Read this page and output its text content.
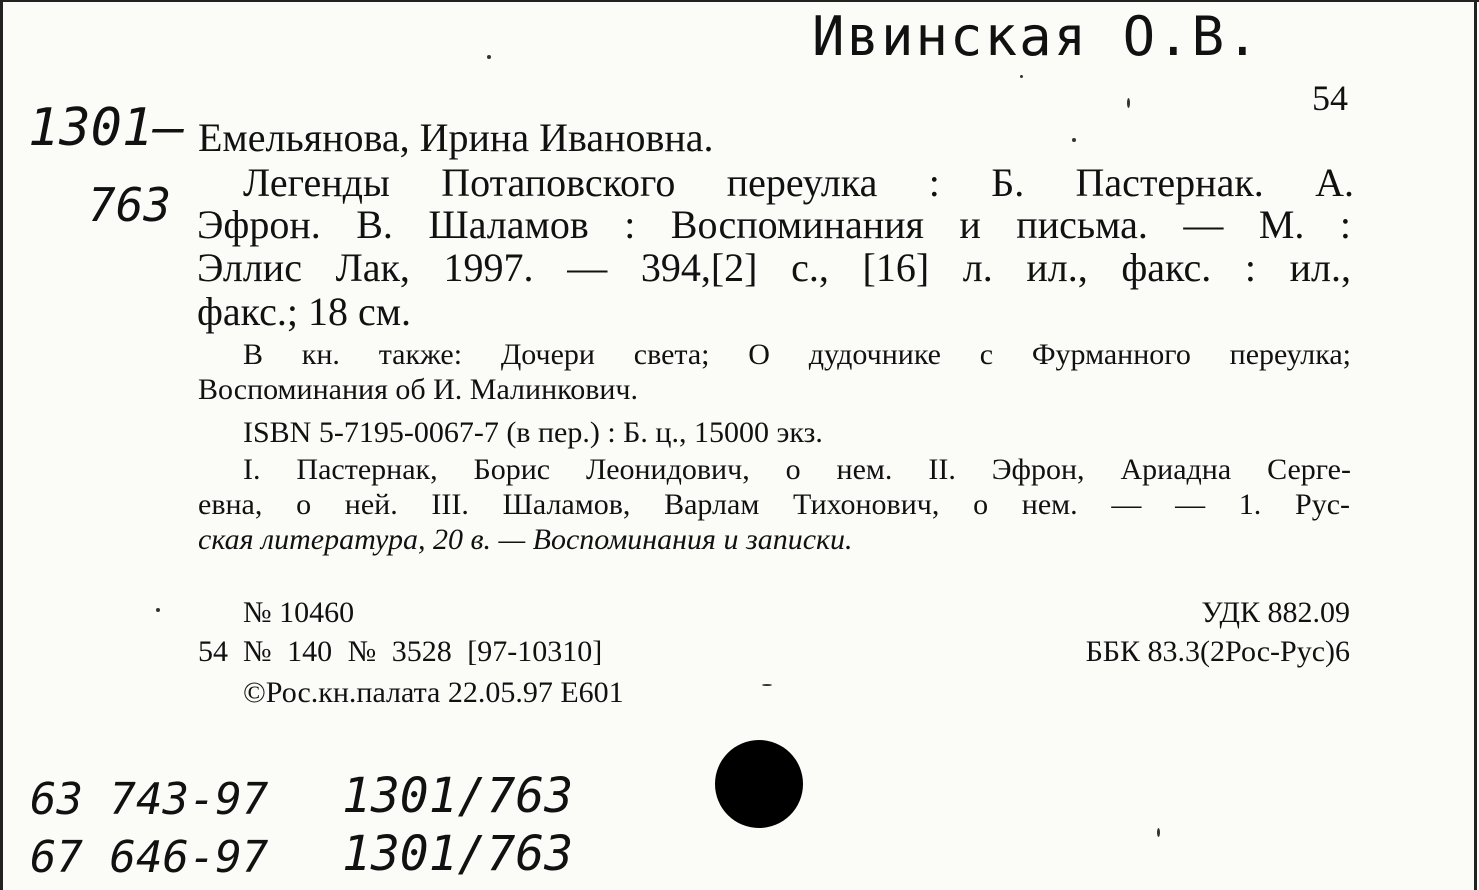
Ивинская О.В.
1301—
763
54
Емельянова, Ирина Ивановна.
Легенды Потаповского переулка : Б. Пастернак. А.
Эфрон. В. Шаламов : Воспоминания и письма. — М. :
Эллис Лак, 1997. — 394,[2] с., [16] л. ил., факс. : ил.,
факс.; 18 см.
В кн. также: Дочери света; О дудочнике с Фурманного переулка;
Воспоминания об И. Малинкович.
ISBN 5-7195-0067-7 (в пер.) : Б. ц., 15000 экз.
I. Пастернак, Борис Леонидович, о нем. II. Эфрон, Ариадна Серге-
евна, о ней. III. Шаламов, Варлам Тихонович, о нем. — — 1. Рус-
ская литература, 20 в. — Воспоминания и записки.
№ 10460
54 № 140 № 3528 [97-10310]
©Рос.кн.палата 22.05.97 Е601
УДК 882.09
ББК 83.3(2Рос-Рус)6
63 743-97 1301/763
67 646-97 1301/763
